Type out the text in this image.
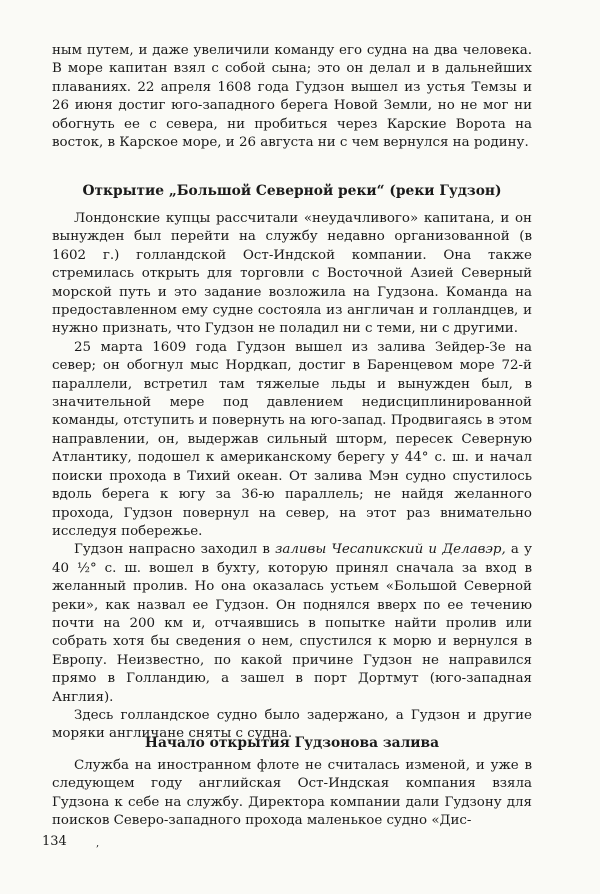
ным путем, и даже увеличили команду его судна на два человека. В море капитан взял с собой сына; это он делал и в дальнейших плаваниях. 22 апреля 1608 года Гудзон вышел из устья Темзы и 26 июня достиг юго-западного берега Новой Земли, но не мог ни обогнуть ее с севера, ни пробиться через Карские Ворота на восток, в Карское море, и 26 августа ни с чем вернулся на родину.

Открытие „Большой Северной реки“ (реки Гудзон)

Лондонские купцы рассчитали «неудачливого» капитана, и он вынужден был перейти на службу недавно организованной (в 1602 г.) голландской Ост-Индской компании. Она также стремилась открыть для торговли с Восточной Азией Северный морской путь и это задание возложила на Гудзона. Команда на предоставленном ему судне состояла из англичан и голландцев, и нужно признать, что Гудзон не поладил ни с теми, ни с другими.

25 марта 1609 года Гудзон вышел из залива Зейдер-Зе на север; он обогнул мыс Нордкап, достиг в Баренцевом море 72-й параллели, встретил там тяжелые льды и вынужден был, в значительной мере под давлением недисциплинированной команды, отступить и повернуть на юго-запад. Продвигаясь в этом направлении, он, выдержав сильный шторм, пересек Северную Атлантику, подошел к американскому берегу у 44° с. ш. и начал поиски прохода в Тихий океан. От залива Мэн судно спустилось вдоль берега к югу за 36-ю параллель; не найдя желанного прохода, Гудзон повернул на север, на этот раз внимательно исследуя побережье.

Гудзон напрасно заходил в заливы Чесапикский и Делавэр, а у 40 ½° с. ш. вошел в бухту, которую принял сначала за вход в желанный пролив. Но она оказалась устьем «Большой Северной реки», как назвал ее Гудзон. Он поднялся вверх по ее течению почти на 200 км и, отчаявшись в попытке найти пролив или собрать хотя бы сведения о нем, спустился к морю и вернулся в Европу. Неизвестно, по какой причине Гудзон не направился прямо в Голландию, а зашел в порт Дортмут (юго-западная Англия).

Здесь голландское судно было задержано, а Гудзон и другие моряки англичане сняты с судна.

Начало открытия Гудзонова залива

Служба на иностранном флоте не считалась изменой, и уже в следующем году английская Ост-Индская компания взяла Гудзона к себе на службу. Директора компании дали Гудзону для поисков Северо-западного прохода маленькое судно «Дис-

134	,
